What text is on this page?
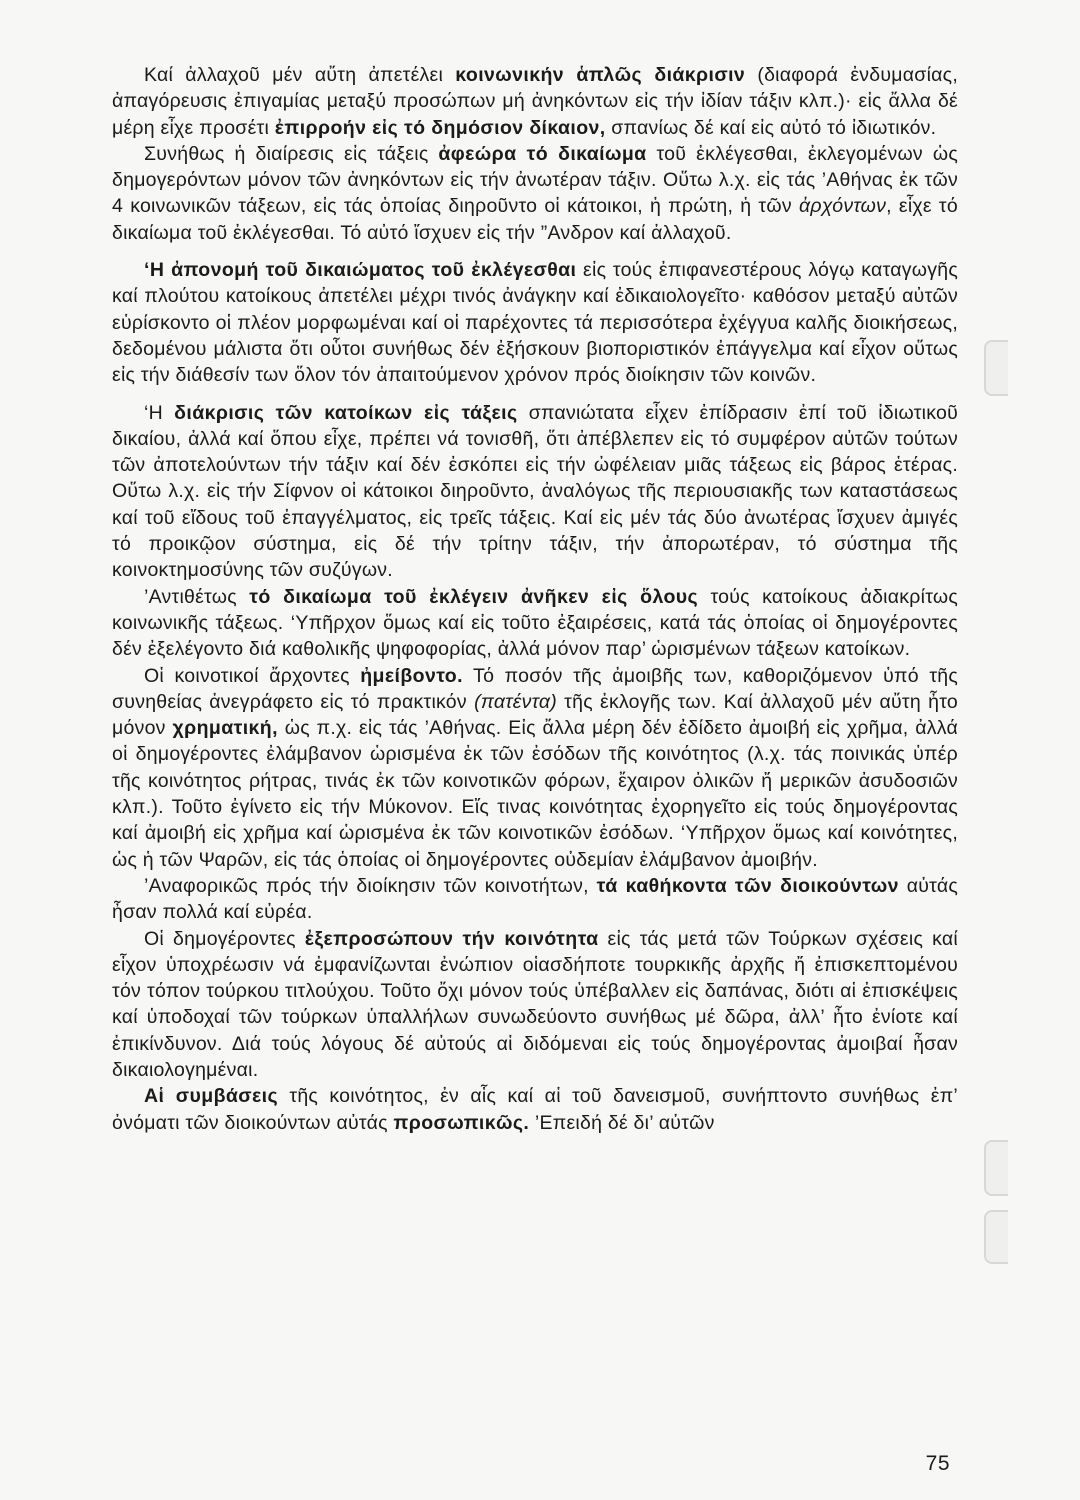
Καί ἀλλαχοῦ μέν αὔτη ἀπετέλει κοινωνικήν ἁπλῶς διάκρισιν (διαφορά ἐνδυμασίας, ἀπαγόρευσις ἐπιγαμίας μεταξύ προσώπων μή ἀνηκόντων εἰς τήν ἰδίαν τάξιν κλπ.)· εἰς ἄλλα δέ μέρη εἶχε προσέτι ἐπιρροήν εἰς τό δημόσιον δίκαιον, σπανίως δέ καί εἰς αὐτό τό ἰδιωτικόν.

Συνήθως ἡ διαίρεσις εἰς τάξεις ἀφεώρα τό δικαίωμα τοῦ ἐκλέγεσθαι, ἐκλεγομένων ὡς δημογερόντων μόνον τῶν ἀνηκόντων εἰς τήν ἀνωτέραν τάξιν. Οὕτω λ.χ. εἰς τάς ’Αθήνας ἐκ τῶν 4 κοινωνικῶν τάξεων, εἰς τάς ὁποίας διηροῦντο οἱ κάτοικοι, ἡ πρώτη, ἡ τῶν ἀρχόντων, εἶχε τό δικαίωμα τοῦ ἐκλέγεσθαι. Τό αὐτό ἴσχυεν εἰς τήν ”Ανδρον καί ἀλλαχοῦ.

‘Η ἀπονομή τοῦ δικαιώματος τοῦ ἐκλέγεσθαι εἰς τούς ἐπιφανεστέρους λόγῳ καταγωγῆς καί πλούτου κατοίκους ἀπετέλει μέχρι τινός ἀνάγκην καί ἐδικαιολογεῖτο· καθόσον μεταξύ αὐτῶν εὑρίσκοντο οἱ πλέον μορφωμέναι καί οἱ παρέχοντες τά περισσότερα ἐχέγγυα καλῆς διοικήσεως, δεδομένου μάλιστα ὅτι οὗτοι συνήθως δέν ἐξήσκουν βιοποριστικόν ἐπάγγελμα καί εἶχον οὕτως εἰς τήν διάθεσίν των ὅλον τόν ἀπαιτούμενον χρόνον πρός διοίκησιν τῶν κοινῶν.

‘Η διάκρισις τῶν κατοίκων εἰς τάξεις σπανιώτατα εἶχεν ἐπίδρασιν ἐπί τοῦ ἰδιωτικοῦ δικαίου, ἀλλά καί ὅπου εἶχε, πρέπει νά τονισθῆ, ὅτι ἀπέβλεπεν εἰς τό συμφέρον αὐτῶν τούτων τῶν ἀποτελούντων τήν τάξιν καί δέν ἐσκόπει εἰς τήν ὠφέλειαν μιᾶς τάξεως εἰς βάρος ἑτέρας. Οὕτω λ.χ. εἰς τήν Σίφνον οἱ κάτοικοι διηροῦντο, ἀναλόγως τῆς περιουσιακῆς των καταστάσεως καί τοῦ εἴδους τοῦ ἐπαγγέλματος, εἰς τρεῖς τάξεις. Καί εἰς μέν τάς δύο ἀνωτέρας ἴσχυεν ἀμιγές τό προικῷον σύστημα, εἰς δέ τήν τρίτην τάξιν, τήν ἀπορωτέραν, τό σύστημα τῆς κοινοκτημοσύνης τῶν συζύγων.

’Αντιθέτως τό δικαίωμα τοῦ ἐκλέγειν ἀνῆκεν εἰς ὅλους τούς κατοίκους ἀδιακρίτως κοινωνικῆς τάξεως. ‘Υπῆρχον ὅμως καί εἰς τοῦτο ἐξαιρέσεις, κατά τάς ὁποίας οἱ δημογέροντες δέν ἐξελέγοντο διά καθολικῆς ψηφοφορίας, ἀλλά μόνον παρ’ ὡρισμένων τάξεων κατοίκων.

Οἱ κοινοτικοί ἄρχοντες ἠμείβοντο. Τό ποσόν τῆς ἀμοιβῆς των, καθοριζόμενον ὑπό τῆς συνηθείας ἀνεγράφετο εἰς τό πρακτικόν (πατέντα) τῆς ἐκλογῆς των. Καί ἀλλαχοῦ μέν αὔτη ἦτο μόνον χρηματική, ὡς π.χ. εἰς τάς ’Αθήνας. Εἰς ἄλλα μέρη δέν ἐδίδετο ἀμοιβή εἰς χρῆμα, ἀλλά οἱ δημογέροντες ἐλάμβανον ὡρισμένα ἐκ τῶν ἐσόδων τῆς κοινότητος (λ.χ. τάς ποινικάς ὑπέρ τῆς κοινότητος ρήτρας, τινάς ἐκ τῶν κοινοτικῶν φόρων, ἔχαιρον ὀλικῶν ἤ μερικῶν ἀσυδοσιῶν κλπ.). Τοῦτο ἐγίνετο εἰς τήν Μύκονον. Εἴς τινας κοινότητας ἐχορηγεῖτο εἰς τούς δημογέροντας καί ἀμοιβή εἰς χρῆμα καί ὡρισμένα ἐκ τῶν κοινοτικῶν ἐσόδων. ‘Υπῆρχον ὅμως καί κοινότητες, ὡς ἡ τῶν Ψαρῶν, εἰς τάς ὁποίας οἱ δημογέροντες οὐδεμίαν ἐλάμβανον ἀμοιβήν.

’Αναφορικῶς πρός τήν διοίκησιν τῶν κοινοτήτων, τά καθήκοντα τῶν διοικούντων αὐτάς ἦσαν πολλά καί εὐρέα.

Οἱ δημογέροντες ἐξεπροσώπουν τήν κοινότητα εἰς τάς μετά τῶν Τούρκων σχέσεις καί εἶχον ὑποχρέωσιν νά ἐμφανίζωνται ἐνώπιον οἱασδήποτε τουρκικῆς ἀρχῆς ἤ ἐπισκεπτομένου τόν τόπον τούρκου τιτλούχου. Τοῦτο ὄχι μόνον τούς ὑπέβαλλεν εἰς δαπάνας, διότι αἱ ἐπισκέψεις καί ὑποδοχαί τῶν τούρκων ὑπαλλήλων συνωδεύοντο συνήθως μέ δῶρα, ἀλλ’ ἦτο ἐνίοτε καί ἐπικίνδυνον. Διά τούς λόγους δέ αὐτούς αἱ διδόμεναι εἰς τούς δημογέροντας ἀμοιβαί ἦσαν δικαιολογημέναι.

Αἱ συμβάσεις τῆς κοινότητος, ἐν αἷς καί αἱ τοῦ δανεισμοῦ, συνήπτοντο συνήθως ἐπ’ ὀνόματι τῶν διοικούντων αὐτάς προσωπικῶς. ’Επειδή δέ δι’ αὐτῶν

75
